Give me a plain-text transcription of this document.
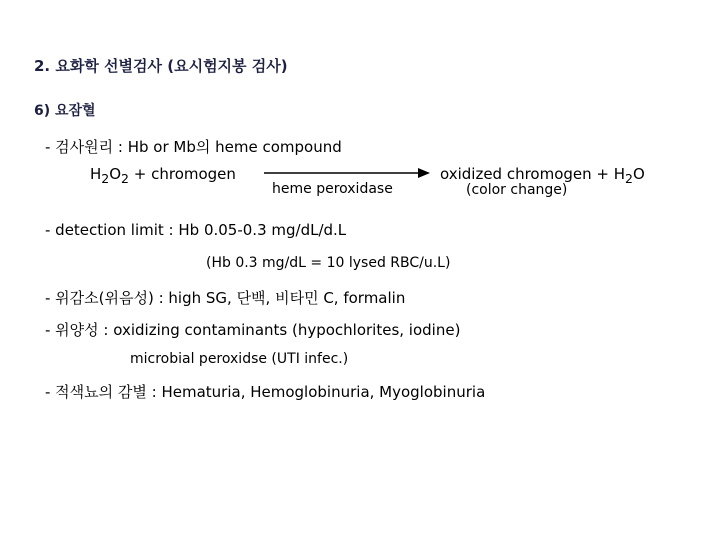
2. 요화학 선별검사 (요시험지봉 검사)
6) 요잠혈
- 검사원리 : Hb or Mb의 heme compound
$H_2O_2$ + chromogen
heme peroxidase
oxidized chromogen + $H_2O$
(color change)
- detection limit : Hb 0.05-0.3 mg/dL/d.L
(Hb 0.3 mg/dL = 10 lysed RBC/u.L)
- 위감소(위음성) : high SG, 단백, 비타민 C, formalin
- 위양성 : oxidizing contaminants (hypochlorites, iodine)
microbial peroxidse (UTI infec.)
- 적색뇨의 감별 : Hematuria, Hemoglobinuria, Myoglobinuria
